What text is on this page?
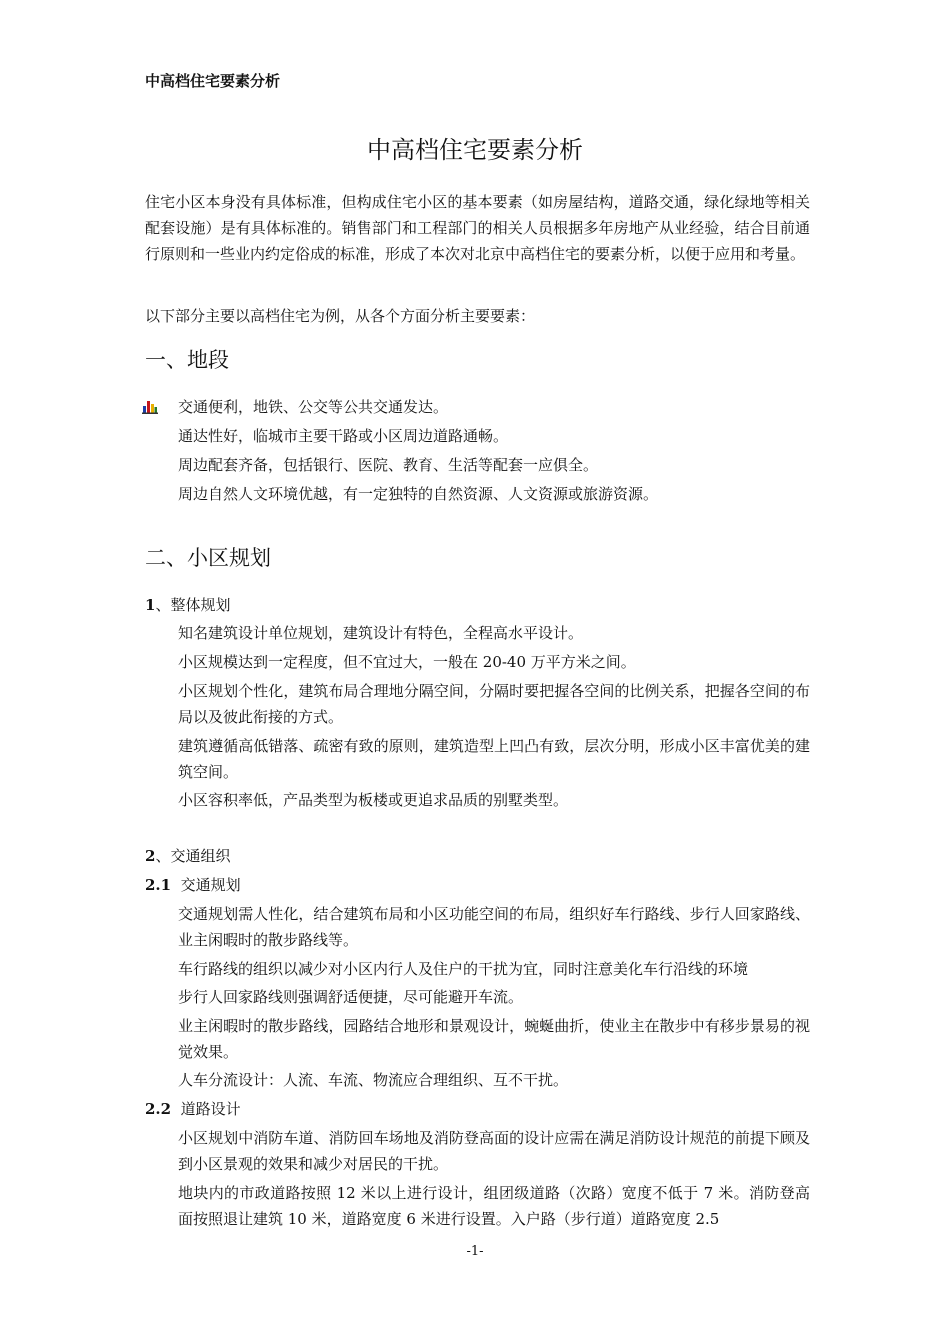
中高档住宅要素分析
中高档住宅要素分析

住宅小区本身没有具体标准，但构成住宅小区的基本要素（如房屋结构，道路交通，绿化绿地等相关配套设施）是有具体标准的。销售部门和工程部门的相关人员根据多年房地产从业经验，结合目前通行原则和一些业内约定俗成的标准，形成了本次对北京中高档住宅的要素分析，以便于应用和考量。

以下部分主要以高档住宅为例，从各个方面分析主要要素：

一、地段

交通便利，地铁、公交等公共交通发达。

通达性好，临城市主要干路或小区周边道路通畅。

周边配套齐备，包括银行、医院、教育、生活等配套一应俱全。

周边自然人文环境优越，有一定独特的自然资源、人文资源或旅游资源。

二、小区规划

1、整体规划

知名建筑设计单位规划，建筑设计有特色，全程高水平设计。

小区规模达到一定程度，但不宜过大，一般在 20-40 万平方米之间。

小区规划个性化，建筑布局合理地分隔空间，分隔时要把握各空间的比例关系，把握各空间的布局以及彼此衔接的方式。

建筑遵循高低错落、疏密有致的原则，建筑造型上凹凸有致，层次分明，形成小区丰富优美的建筑空间。

小区容积率低，产品类型为板楼或更追求品质的别墅类型。

2、交通组织

2.1 交通规划

交通规划需人性化，结合建筑布局和小区功能空间的布局，组织好车行路线、步行人回家路线、业主闲暇时的散步路线等。

车行路线的组织以减少对小区内行人及住户的干扰为宜，同时注意美化车行沿线的环境

步行人回家路线则强调舒适便捷，尽可能避开车流。

业主闲暇时的散步路线，园路结合地形和景观设计，蜿蜒曲折，使业主在散步中有移步景易的视觉效果。

人车分流设计：人流、车流、物流应合理组织、互不干扰。

2.2 道路设计

小区规划中消防车道、消防回车场地及消防登高面的设计应需在满足消防设计规范的前提下顾及到小区景观的效果和减少对居民的干扰。

地块内的市政道路按照 12 米以上进行设计，组团级道路（次路）宽度不低于 7 米。消防登高面按照退让建筑 10 米，道路宽度 6 米进行设置。入户路（步行道）道路宽度 2.5

-1-
